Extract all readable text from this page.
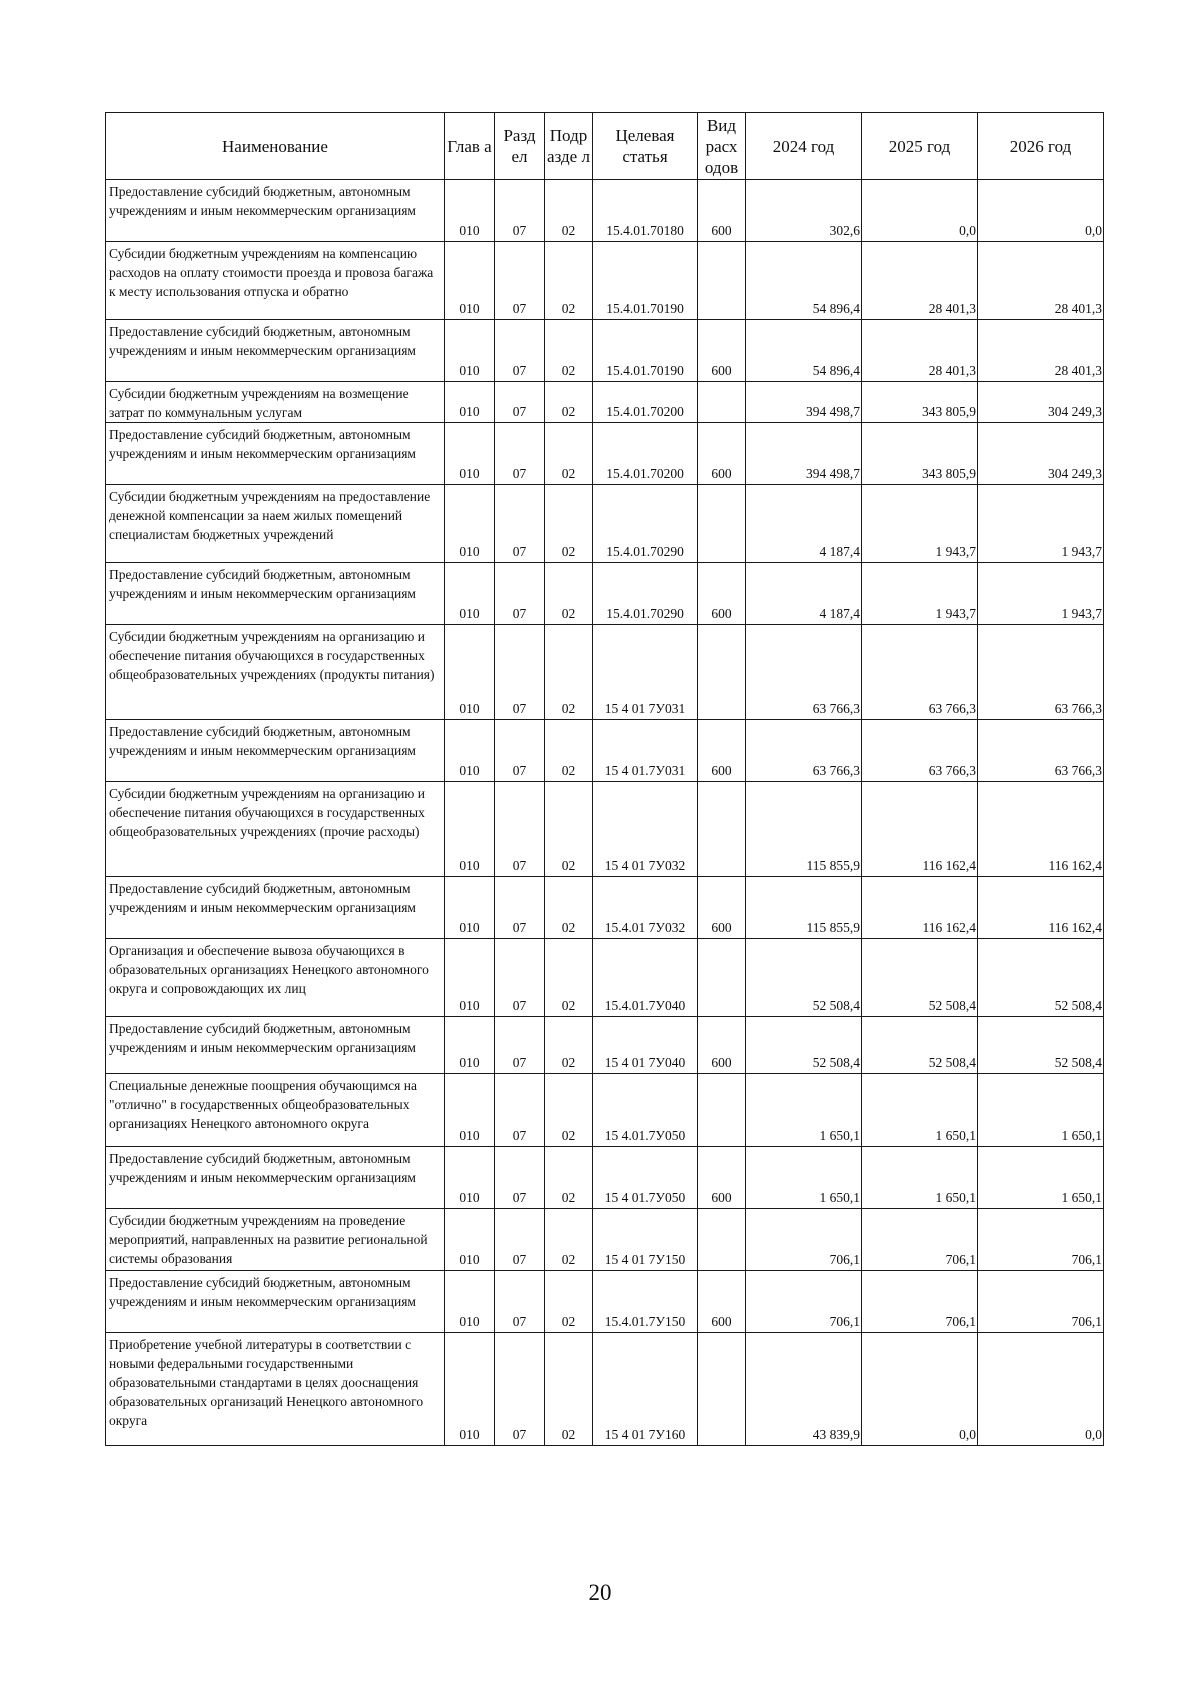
Наименование	Глав а	Разд ел	Подр азде л	Целевая статья	Вид расх одов	2024 год	2025 год	2026 год
Предоставление субсидий бюджетным, автономным учреждениям и иным некоммерческим организациям	010	07	02	15.4.01.70180	600	302,6	0,0	0,0
Субсидии бюджетным учреждениям на компенсацию расходов на оплату стоимости проезда и провоза багажа к месту использования отпуска и обратно	010	07	02	15.4.01.70190		54 896,4	28 401,3	28 401,3
Предоставление субсидий бюджетным, автономным учреждениям и иным некоммерческим организациям	010	07	02	15.4.01.70190	600	54 896,4	28 401,3	28 401,3
Субсидии бюджетным учреждениям на возмещение затрат по коммунальным услугам	010	07	02	15.4.01.70200		394 498,7	343 805,9	304 249,3
Предоставление субсидий бюджетным, автономным учреждениям и иным некоммерческим организациям	010	07	02	15.4.01.70200	600	394 498,7	343 805,9	304 249,3
Субсидии бюджетным учреждениям на предоставление денежной компенсации за наем жилых помещений специалистам бюджетных учреждений	010	07	02	15.4.01.70290		4 187,4	1 943,7	1 943,7
Предоставление субсидий бюджетным, автономным учреждениям и иным некоммерческим организациям	010	07	02	15.4.01.70290	600	4 187,4	1 943,7	1 943,7
Субсидии бюджетным учреждениям на организацию и обеспечение питания обучающихся в государственных общеобразовательных учреждениях (продукты питания)	010	07	02	15 4 01 7У031		63 766,3	63 766,3	63 766,3
Предоставление субсидий бюджетным, автономным учреждениям и иным некоммерческим организациям	010	07	02	15 4 01.7У031	600	63 766,3	63 766,3	63 766,3
Субсидии бюджетным учреждениям на организацию и обеспечение питания обучающихся в государственных общеобразовательных учреждениях (прочие расходы)	010	07	02	15 4 01 7У032		115 855,9	116 162,4	116 162,4
Предоставление субсидий бюджетным, автономным учреждениям и иным некоммерческим организациям	010	07	02	15.4.01 7У032	600	115 855,9	116 162,4	116 162,4
Организация и обеспечение вывоза обучающихся в образовательных организациях Ненецкого автономного округа и сопровождающих их лиц	010	07	02	15.4.01.7У040		52 508,4	52 508,4	52 508,4
Предоставление субсидий бюджетным, автономным учреждениям и иным некоммерческим организациям	010	07	02	15 4 01 7У040	600	52 508,4	52 508,4	52 508,4
Специальные денежные поощрения обучающимся на "отлично" в государственных общеобразовательных организациях Ненецкого автономного округа	010	07	02	15 4.01.7У050		1 650,1	1 650,1	1 650,1
Предоставление субсидий бюджетным, автономным учреждениям и иным некоммерческим организациям	010	07	02	15 4 01.7У050	600	1 650,1	1 650,1	1 650,1
Субсидии бюджетным учреждениям на проведение мероприятий, направленных на развитие региональной системы образования	010	07	02	15 4 01 7У150		706,1	706,1	706,1
Предоставление субсидий бюджетным, автономным учреждениям и иным некоммерческим организациям	010	07	02	15.4.01.7У150	600	706,1	706,1	706,1
Приобретение учебной литературы в соответствии с новыми федеральными государственными образовательными стандартами в целях дооснащения образовательных организаций Ненецкого автономного округа	010	07	02	15 4 01 7У160		43 839,9	0,0	0,0
20
